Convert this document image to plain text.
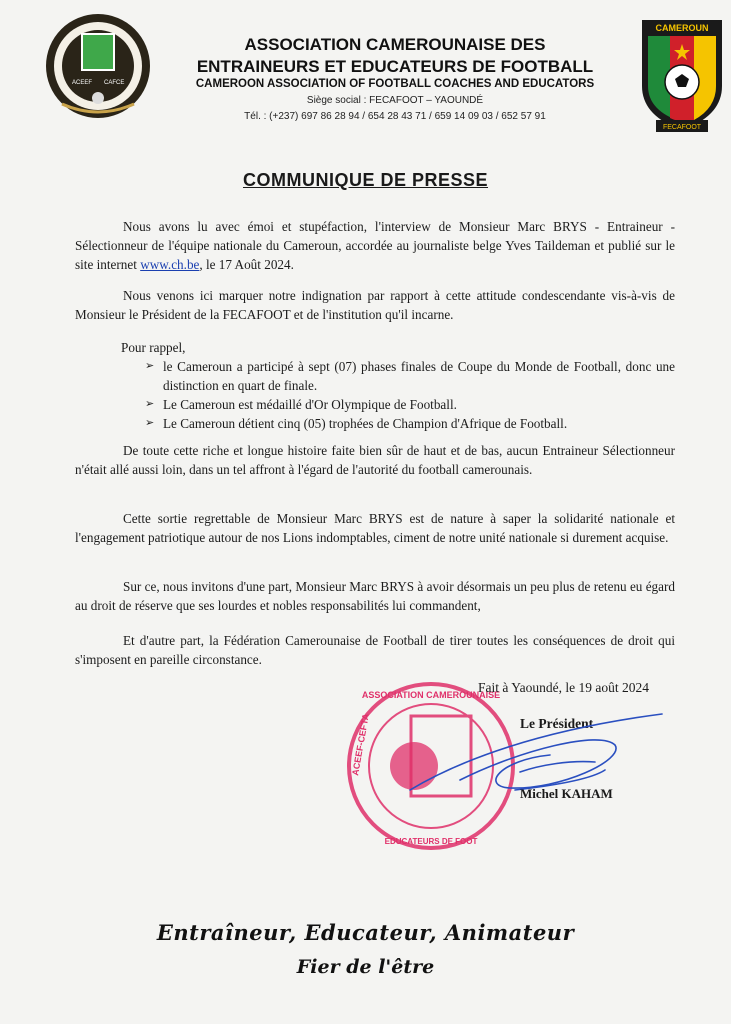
ACEEF CAFCE
ASSOCIATION CAMEROUNAISE DES
ENTRAINEURS ET EDUCATEURS DE FOOTBALL
CAMEROON ASSOCIATION OF FOOTBALL COACHES AND EDUCATORS
Siège social : FECAFOOT – YAOUNDÉ
Tél. : (+237) 697 86 28 94 / 654 28 43 71 / 659 14 09 03 / 652 57 91
CAMEROUN
FECAFOOT
COMMUNIQUE DE PRESSE
Nous avons lu avec émoi et stupéfaction, l'interview de Monsieur Marc BRYS - Entraineur -Sélectionneur de l'équipe nationale du Cameroun, accordée au journaliste belge Yves Taildeman et publié sur le site internet www.ch.be, le 17 Août 2024.
Nous venons ici marquer notre indignation par rapport à cette attitude condescendante vis-à-vis de Monsieur le Président de la FECAFOOT et de l'institution qu'il incarne.
Pour rappel,
➢ le Cameroun a participé à sept (07) phases finales de Coupe du Monde de Football, donc une distinction en quart de finale.
➢ Le Cameroun est médaillé d'Or Olympique de Football.
➢ Le Cameroun détient cinq (05) trophées de Champion d'Afrique de Football.
De toute cette riche et longue histoire faite bien sûr de haut et de bas, aucun Entraineur Sélectionneur n'était allé aussi loin, dans un tel affront à l'égard de l'autorité du football camerounais.
Cette sortie regrettable de Monsieur Marc BRYS est de nature à saper la solidarité nationale et l'engagement patriotique autour de nos Lions indomptables, ciment de notre unité nationale si durement acquise.
Sur ce, nous invitons d'une part, Monsieur Marc BRYS à avoir désormais un peu plus de retenu eu égard au droit de réserve que ses lourdes et nobles responsabilités lui commandent,
Et d'autre part, la Fédération Camerounaise de Football de tirer toutes les conséquences de droit qui s'imposent en pareille circonstance.
ASSOCIATION CAMEROUNAISE
EDUCATEURS DE FOOT
ACEEF-CEFTA
Fait à Yaoundé, le 19 août 2024
Le Président
Michel KAHAM
Entraîneur, Educateur, Animateur
Fier de l'être
